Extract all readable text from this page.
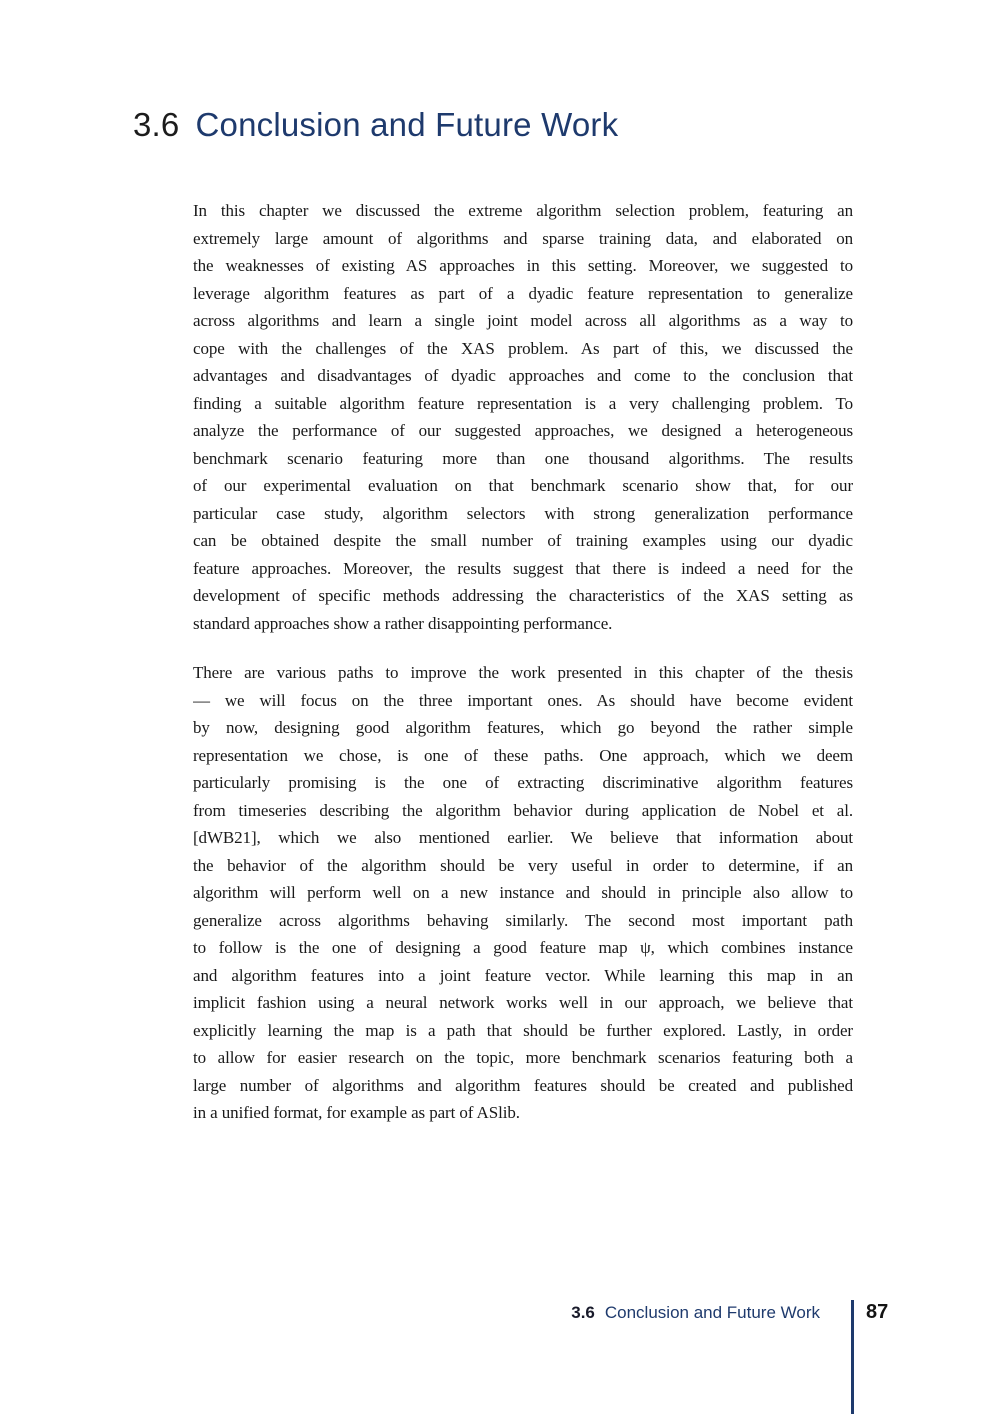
3.6 Conclusion and Future Work
In this chapter we discussed the extreme algorithm selection problem, featuring an
extremely large amount of algorithms and sparse training data, and elaborated on
the weaknesses of existing AS approaches in this setting. Moreover, we suggested to
leverage algorithm features as part of a dyadic feature representation to generalize
across algorithms and learn a single joint model across all algorithms as a way to
cope with the challenges of the XAS problem. As part of this, we discussed the
advantages and disadvantages of dyadic approaches and come to the conclusion that
finding a suitable algorithm feature representation is a very challenging problem. To
analyze the performance of our suggested approaches, we designed a heterogeneous
benchmark scenario featuring more than one thousand algorithms. The results
of our experimental evaluation on that benchmark scenario show that, for our
particular case study, algorithm selectors with strong generalization performance
can be obtained despite the small number of training examples using our dyadic
feature approaches. Moreover, the results suggest that there is indeed a need for the
development of specific methods addressing the characteristics of the XAS setting as
standard approaches show a rather disappointing performance.
There are various paths to improve the work presented in this chapter of the thesis
— we will focus on the three important ones. As should have become evident
by now, designing good algorithm features, which go beyond the rather simple
representation we chose, is one of these paths. One approach, which we deem
particularly promising is the one of extracting discriminative algorithm features
from timeseries describing the algorithm behavior during application de Nobel et al.
[dWB21], which we also mentioned earlier. We believe that information about
the behavior of the algorithm should be very useful in order to determine, if an
algorithm will perform well on a new instance and should in principle also allow to
generalize across algorithms behaving similarly. The second most important path
to follow is the one of designing a good feature map ψ, which combines instance
and algorithm features into a joint feature vector. While learning this map in an
implicit fashion using a neural network works well in our approach, we believe that
explicitly learning the map is a path that should be further explored. Lastly, in order
to allow for easier research on the topic, more benchmark scenarios featuring both a
large number of algorithms and algorithm features should be created and published
in a unified format, for example as part of ASlib.
3.6 Conclusion and Future Work 87
